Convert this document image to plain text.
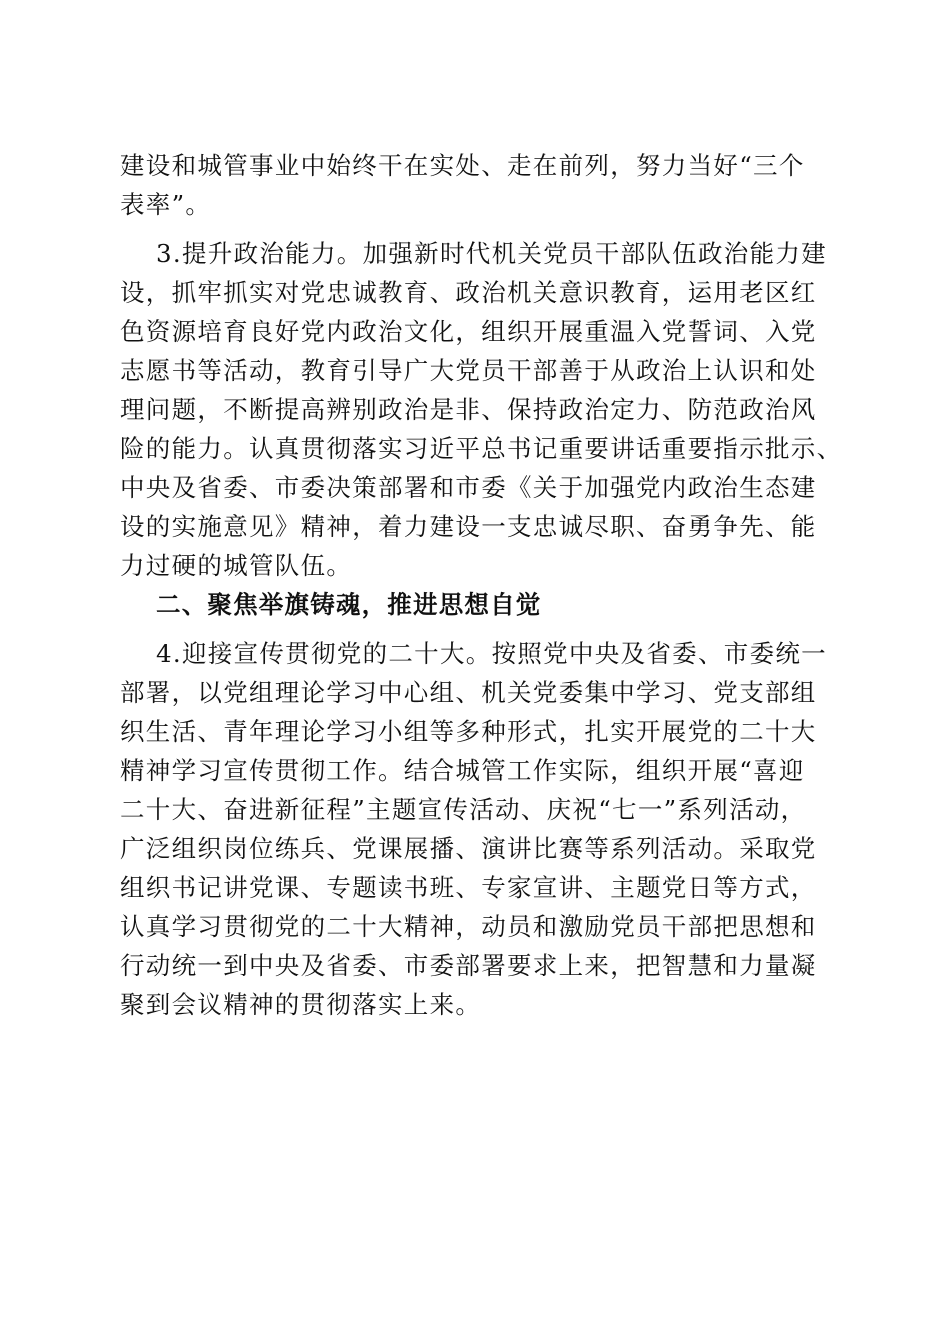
建设和城管事业中始终干在实处、走在前列，努力当好“三个
表率”。
3.提升政治能力。加强新时代机关党员干部队伍政治能力建
设，抓牢抓实对党忠诚教育、政治机关意识教育，运用老区红
色资源培育良好党内政治文化，组织开展重温入党誓词、入党
志愿书等活动，教育引导广大党员干部善于从政治上认识和处
理问题，不断提高辨别政治是非、保持政治定力、防范政治风
险的能力。认真贯彻落实习近平总书记重要讲话重要指示批示、
中央及省委、市委决策部署和市委《关于加强党内政治生态建
设的实施意见》精神，着力建设一支忠诚尽职、奋勇争先、能
力过硬的城管队伍。
二、聚焦举旗铸魂，推进思想自觉
4.迎接宣传贯彻党的二十大。按照党中央及省委、市委统一
部署，以党组理论学习中心组、机关党委集中学习、党支部组
织生活、青年理论学习小组等多种形式，扎实开展党的二十大
精神学习宣传贯彻工作。结合城管工作实际，组织开展“喜迎
二十大、奋进新征程”主题宣传活动、庆祝“七一”系列活动，
广泛组织岗位练兵、党课展播、演讲比赛等系列活动。采取党
组织书记讲党课、专题读书班、专家宣讲、主题党日等方式，
认真学习贯彻党的二十大精神，动员和激励党员干部把思想和
行动统一到中央及省委、市委部署要求上来，把智慧和力量凝
聚到会议精神的贯彻落实上来。
